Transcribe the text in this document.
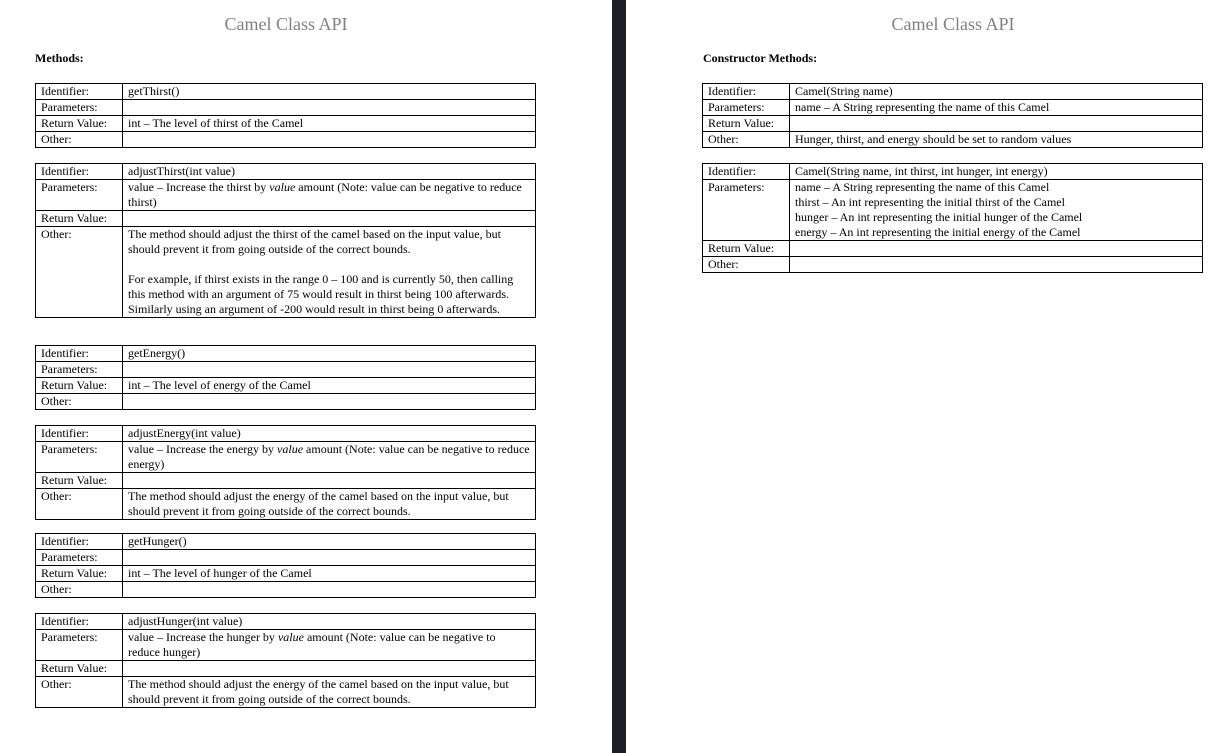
Camel Class API
Methods:
Identifier:	getThirst()
Parameters:	

Return Value:	int – The level of thirst of the Camel
Other:	
Identifier:	adjustThirst(int value)
Parameters:	value – Increase the thirst by value amount (Note: value can be negative to reduce thirst)
Return Value:	

Other:	The method should adjust the thirst of the camel based on the input value, but should prevent it from going outside of the correct bounds.

For example, if thirst exists in the range 0 – 100 and is currently 50, then calling this method with an argument of 75 would result in thirst being 100 afterwards. Similarly using an argument of -200 would result in thirst being 0 afterwards.

Identifier:	getEnergy()
Parameters:	

Return Value:	int – The level of energy of the Camel
Other:	
Identifier:	adjustEnergy(int value)
Parameters:	value – Increase the energy by value amount (Note: value can be negative to reduce energy)
Return Value:	

Other:	The method should adjust the energy of the camel based on the input value, but should prevent it from going outside of the correct bounds.

Identifier:	getHunger()
Parameters:	

Return Value:	int – The level of hunger of the Camel
Other:	
Identifier:	adjustHunger(int value)
Parameters:	value – Increase the hunger by value amount (Note: value can be negative to reduce hunger)
Return Value:	

Other:	The method should adjust the energy of the camel based on the input value, but should prevent it from going outside of the correct bounds.

Camel Class API
Constructor Methods:
Identifier:	Camel(String name)
Parameters:	name – A String representing the name of this Camel
Return Value:	

Other:	Hunger, thirst, and energy should be set to random values
Identifier:	Camel(String name, int thirst, int hunger, int energy)
Parameters:	name – A String representing the name of this Camel
thirst – An int representing the initial thirst of the Camel
hunger – An int representing the initial hunger of the Camel
energy – An int representing the initial energy of the Camel

Return Value:	

Other:	
